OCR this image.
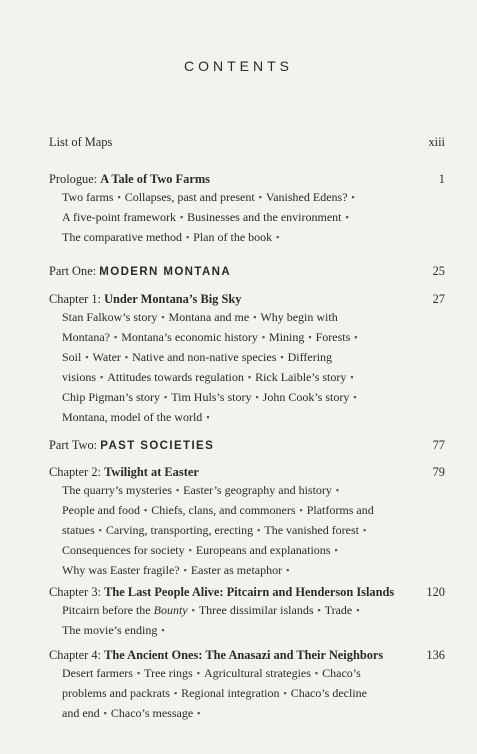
CONTENTS
List of Maps	xiii
Prologue: A Tale of Two Farms	1
Two farms ▪ Collapses, past and present ▪ Vanished Edens? ▪
A five-point framework ▪ Businesses and the environment ▪
The comparative method ▪ Plan of the book ▪
Part One: MODERN MONTANA	25
Chapter 1: Under Montana’s Big Sky	27
Stan Falkow’s story ▪ Montana and me ▪ Why begin with
Montana? ▪ Montana’s economic history ▪ Mining ▪ Forests ▪
Soil ▪ Water ▪ Native and non-native species ▪ Differing
visions ▪ Attitudes towards regulation ▪ Rick Laible’s story ▪
Chip Pigman’s story ▪ Tim Huls’s story ▪ John Cook’s story ▪
Montana, model of the world ▪
Part Two: PAST SOCIETIES	77
Chapter 2: Twilight at Easter	79
The quarry’s mysteries ▪ Easter’s geography and history ▪
People and food ▪ Chiefs, clans, and commoners ▪ Platforms and
statues ▪ Carving, transporting, erecting ▪ The vanished forest ▪
Consequences for society ▪ Europeans and explanations ▪
Why was Easter fragile? ▪ Easter as metaphor ▪
Chapter 3: The Last People Alive: Pitcairn and Henderson Islands	120
Pitcairn before the Bounty ▪ Three dissimilar islands ▪ Trade ▪
The movie’s ending ▪
Chapter 4: The Ancient Ones: The Anasazi and Their Neighbors	136
Desert farmers ▪ Tree rings ▪ Agricultural strategies ▪ Chaco’s
problems and packrats ▪ Regional integration ▪ Chaco’s decline
and end ▪ Chaco’s message ▪
